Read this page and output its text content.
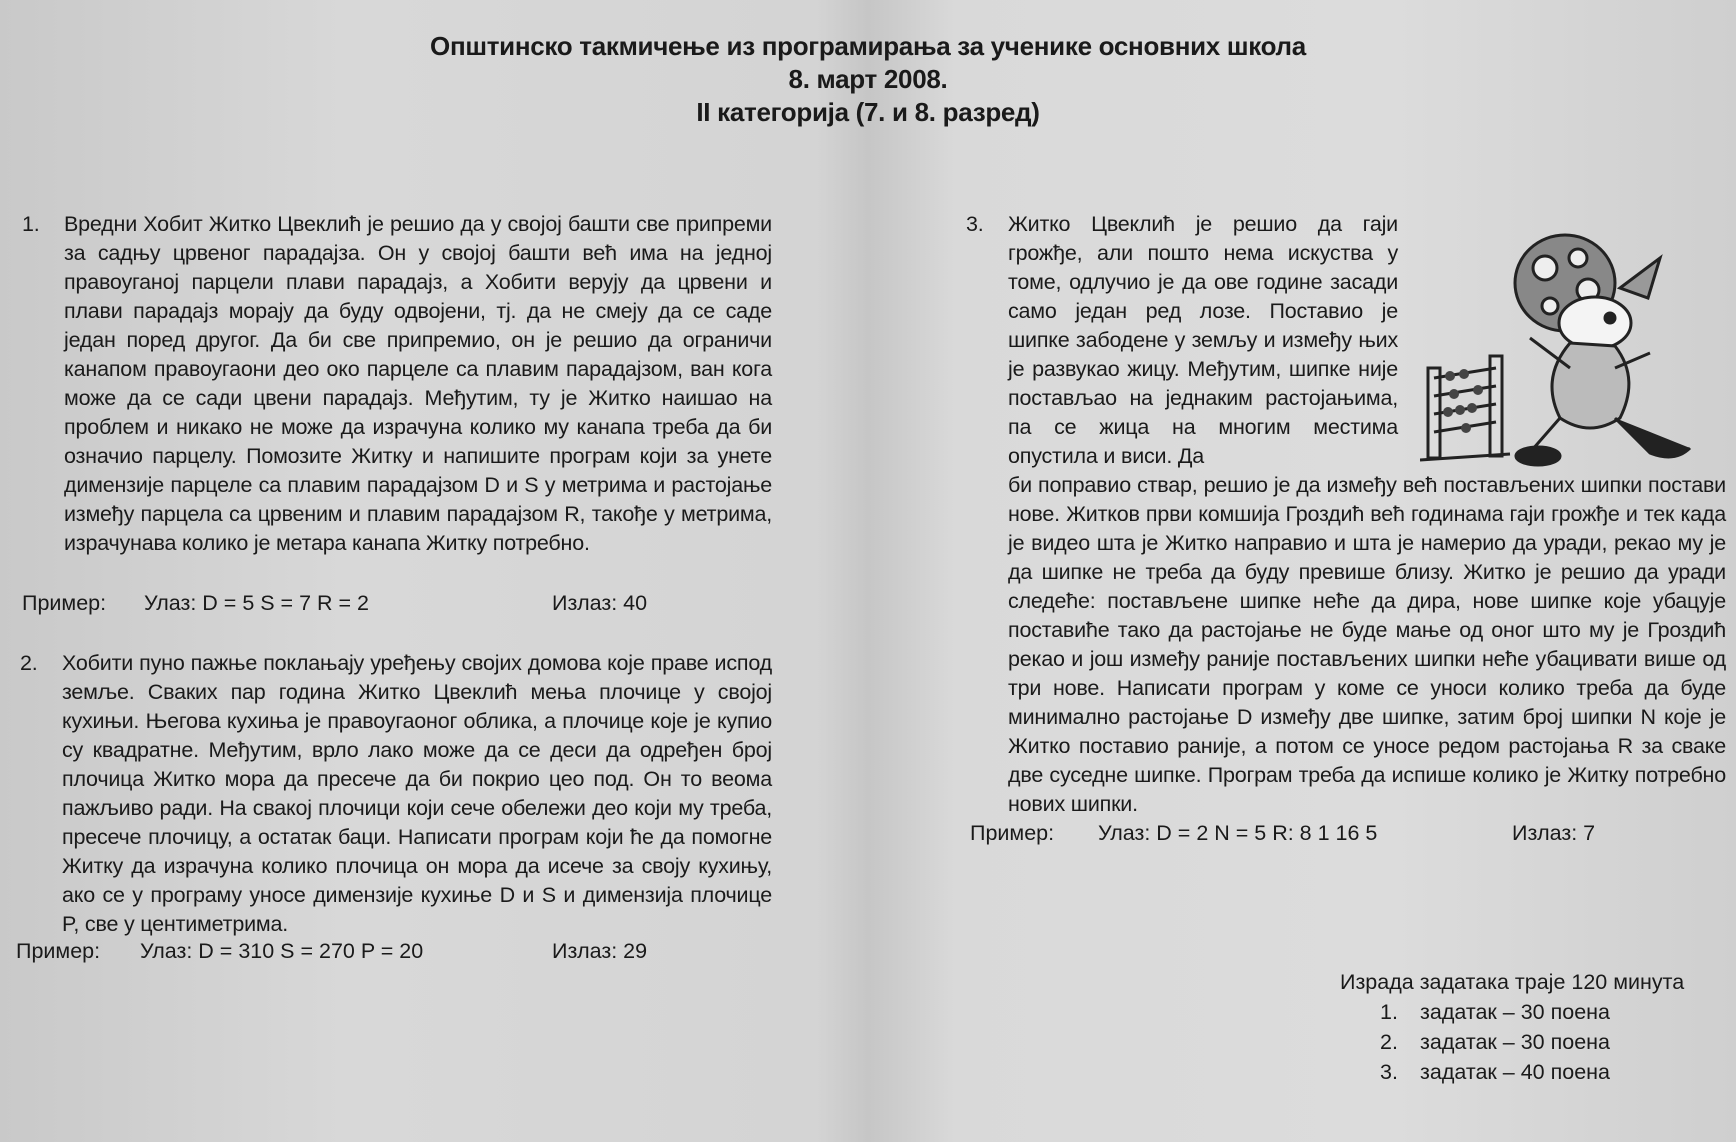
Општинско такмичење из програмирања за ученике основних школа
8. март 2008.
II категорија (7. и 8. разред)
1. Вредни Хобит Житко Цвеклић је решио да у својој башти све припреми за садњу црвеног парадајза. Он у својој башти већ има на једној правоуганој парцели плави парадајз, а Хобити верују да црвени и плави парадајз морају да буду одвојени, тј. да не смеју да се саде један поред другог. Да би све припремио, он је решио да ограничи канапом правоугаони део око парцеле са плавим парадајзом, ван кога може да се сади цвени парадајз. Међутим, ту је Житко наишао на проблем и никако не може да израчуна колико му канапа треба да би означио парцелу. Помозите Житку и напишите програм који за унете димензије парцеле са плавим парадајзом D и S у метрима и растојање између парцела са црвеним и плавим парадајзом R, такође у метрима, израчунава колико је метара канапа Житку потребно.
Пример: Улаз: D = 5 S = 7 R = 2	Излаз: 40
2. Хобити пуно пажње поклањају уређењу својих домова које праве испод земље. Сваких пар година Житко Цвеклић мења плочице у својој кухињи. Његова кухиња је правоугаоног облика, а плочице које је купио су квадратне. Међутим, врло лако може да се деси да одређен број плочица Житко мора да пресече да би покрио цео под. Он то веома пажљиво ради. На свакој плочици који сече обележи део који му треба, пресече плочицу, а остатак баци. Написати програм који ће да помогне Житку да израчуна колико плочица он мора да исече за своју кухињу, ако се у програму уносе димензије кухиње D и S и димензија плочице P, све у центиметрима.
Пример: Улаз: D = 310 S = 270 P = 20	Излаз: 29
3. Житко Цвеклић је решио да гаји грожђе, али пошто нема искуства у томе, одлучио је да ове године засади само један ред лозе. Поставио је шипке забодене у земљу и између њих је развукао жицу. Међутим, шипке није постављао на једнаким растојањима, па се жица на многим местима опустила и виси. Да
би поправио ствар, решио је да између већ постављених шипки постави нове. Житков први комшија Гроздић већ годинама гаји грожђе и тек када је видео шта је Житко направио и шта је намерио да уради, рекао му је да шипке не треба да буду превише близу. Житко је решио да уради следеће: постављене шипке неће да дира, нове шипке које убацује поставиће тако да растојање не буде мање од оног што му је Гроздић рекао и још између раније постављених шипки неће убацивати више од три нове. Написати програм у коме се уноси колико треба да буде минимално растојање D између две шипке, затим број шипки N које је Житко поставио раније, а потом се уносе редом растојања R за сваке две суседне шипке. Програм треба да испише колико је Житку потребно нових шипки.
Пример: Улаз: D = 2 N = 5 R: 8 1 16 5	Излаз: 7
Израда задатака траје 120 минута
1. задатак – 30 поена
2. задатак – 30 поена
3. задатак – 40 поена
